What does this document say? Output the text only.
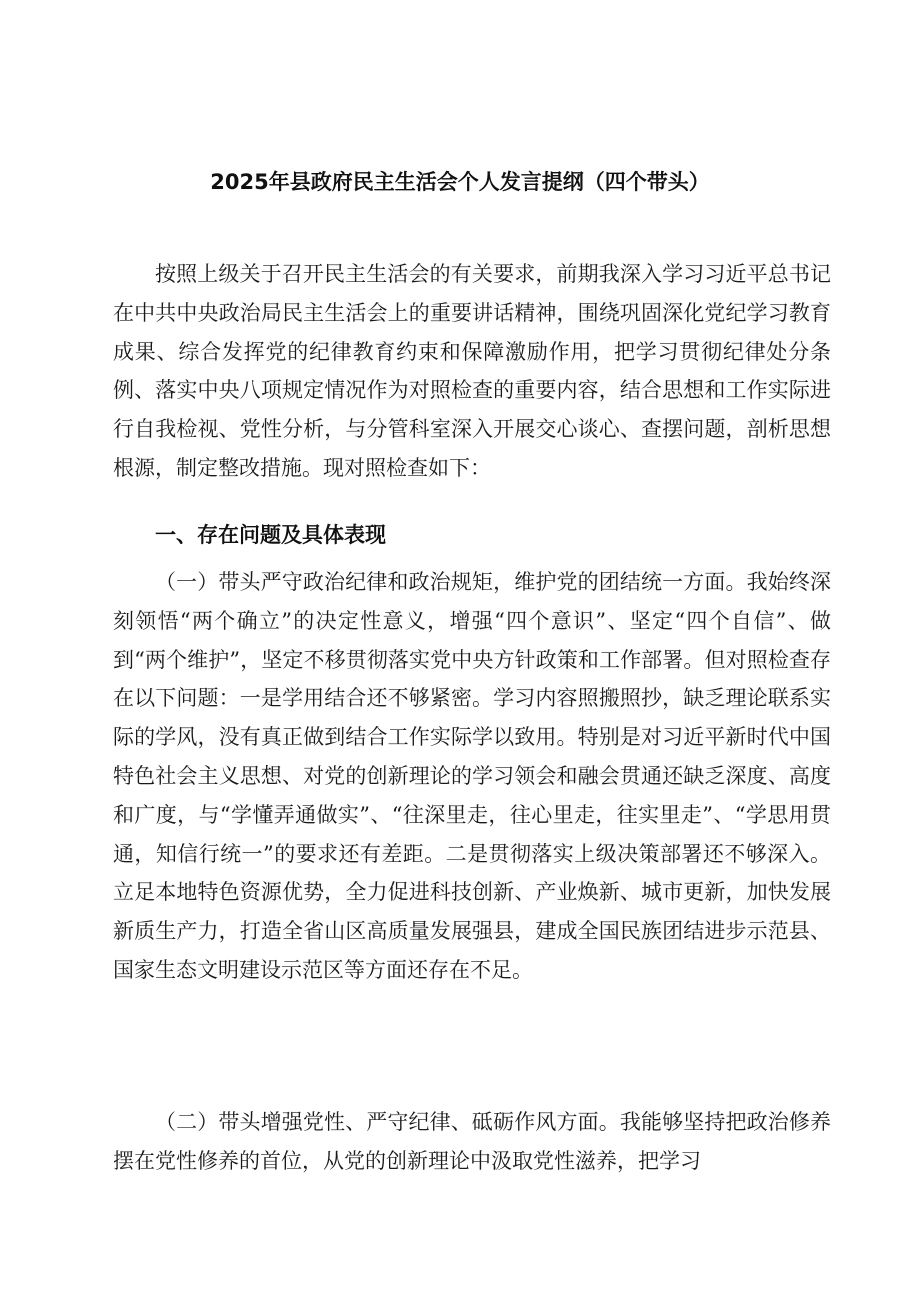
2025年县政府民主生活会个人发言提纲（四个带头）

按照上级关于召开民主生活会的有关要求，前期我深入学习习近平总书记在中共中央政治局民主生活会上的重要讲话精神，围绕巩固深化党纪学习教育成果、综合发挥党的纪律教育约束和保障激励作用，把学习贯彻纪律处分条例、落实中央八项规定情况作为对照检查的重要内容，结合思想和工作实际进行自我检视、党性分析，与分管科室深入开展交心谈心、查摆问题，剖析思想根源，制定整改措施。现对照检查如下：

一、存在问题及具体表现

（一）带头严守政治纪律和政治规矩，维护党的团结统一方面。我始终深刻领悟“两个确立”的决定性意义，增强“四个意识”、坚定“四个自信”、做到“两个维护”，坚定不移贯彻落实党中央方针政策和工作部署。但对照检查存在以下问题：一是学用结合还不够紧密。学习内容照搬照抄，缺乏理论联系实际的学风，没有真正做到结合工作实际学以致用。特别是对习近平新时代中国特色社会主义思想、对党的创新理论的学习领会和融会贯通还缺乏深度、高度和广度，与“学懂弄通做实”、“往深里走，往心里走，往实里走”、“学思用贯通，知信行统一”的要求还有差距。二是贯彻落实上级决策部署还不够深入。立足本地特色资源优势，全力促进科技创新、产业焕新、城市更新，加快发展新质生产力，打造全省山区高质量发展强县，建成全国民族团结进步示范县、国家生态文明建设示范区等方面还存在不足。

（二）带头增强党性、严守纪律、砥砺作风方面。我能够坚持把政治修养摆在党性修养的首位，从党的创新理论中汲取党性滋养，把学习
